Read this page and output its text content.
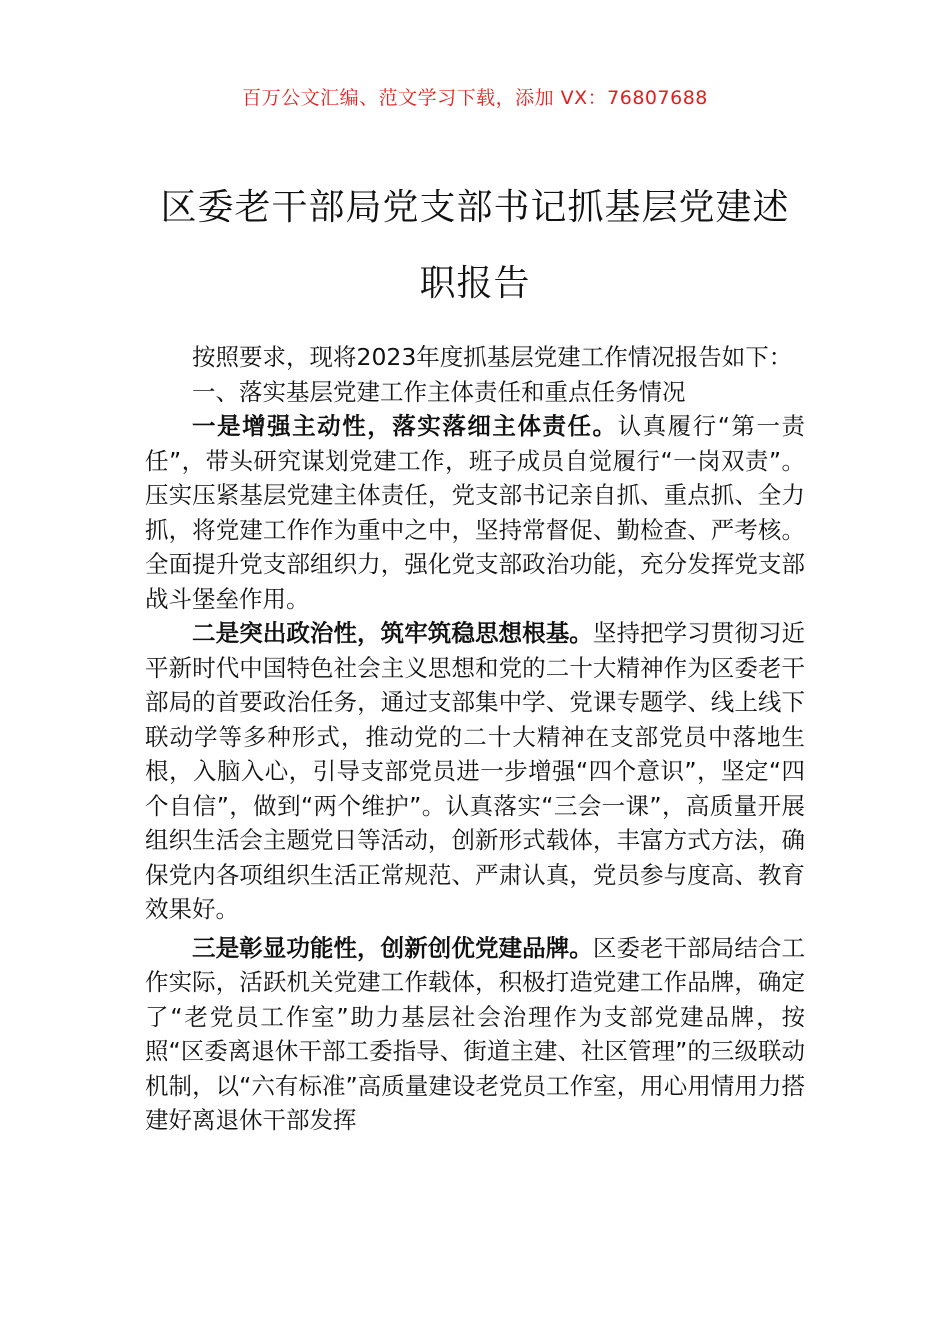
百万公文汇编、范文学习下载，添加 VX：76807688
区委老干部局党支部书记抓基层党建述职报告

按照要求，现将2023年度抓基层党建工作情况报告如下：

一、落实基层党建工作主体责任和重点任务情况

一是增强主动性，落实落细主体责任。认真履行“第一责任”，带头研究谋划党建工作，班子成员自觉履行“一岗双责”。压实压紧基层党建主体责任，党支部书记亲自抓、重点抓、全力抓，将党建工作作为重中之中，坚持常督促、勤检查、严考核。全面提升党支部组织力，强化党支部政治功能，充分发挥党支部战斗堡垒作用。

二是突出政治性，筑牢筑稳思想根基。坚持把学习贯彻习近平新时代中国特色社会主义思想和党的二十大精神作为区委老干部局的首要政治任务，通过支部集中学、党课专题学、线上线下联动学等多种形式，推动党的二十大精神在支部党员中落地生根，入脑入心，引导支部党员进一步增强“四个意识”，坚定“四个自信”，做到“两个维护”。认真落实“三会一课”，高质量开展组织生活会主题党日等活动，创新形式载体，丰富方式方法，确保党内各项组织生活正常规范、严肃认真，党员参与度高、教育效果好。

三是彰显功能性，创新创优党建品牌。区委老干部局结合工作实际，活跃机关党建工作载体，积极打造党建工作品牌，确定了“老党员工作室”助力基层社会治理作为支部党建品牌，按照“区委离退休干部工委指导、街道主建、社区管理”的三级联动机制，以“六有标准”高质量建设老党员工作室，用心用情用力搭建好离退休干部发挥
